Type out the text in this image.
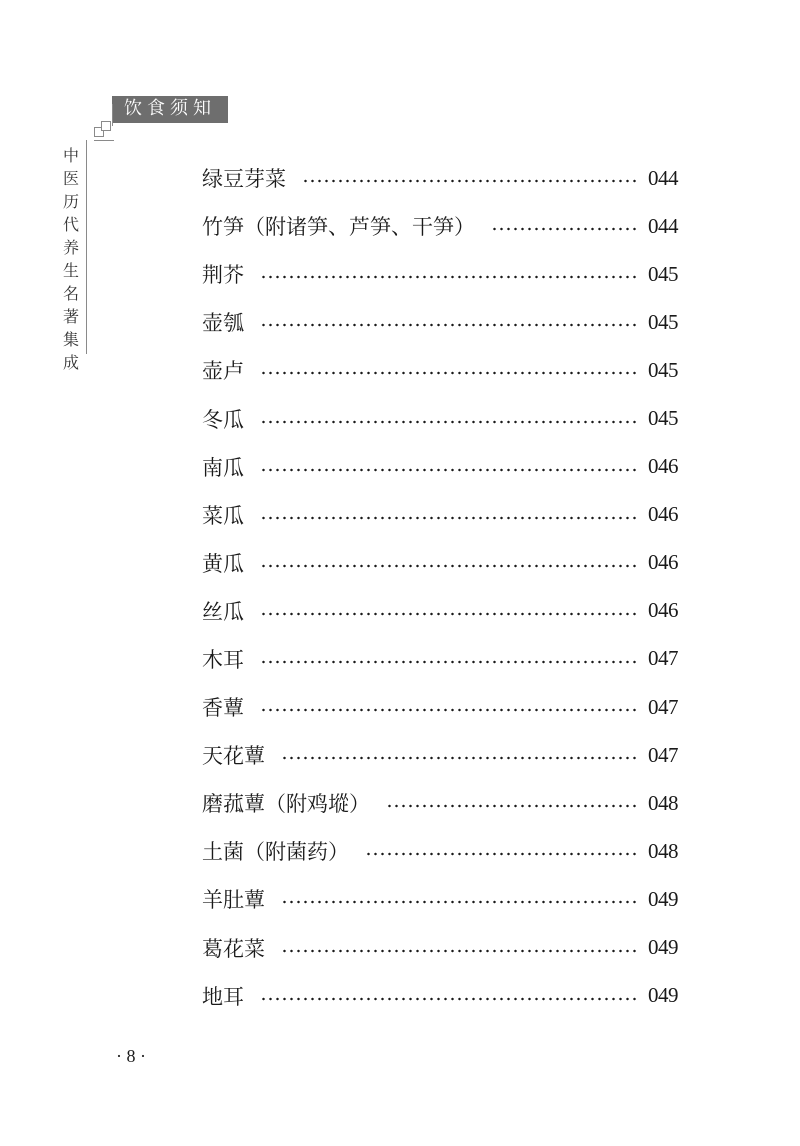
饮食须知
中医历代养生名著集成
绿豆芽菜	044
竹笋（附诸笋、芦笋、干笋）	044
荆芥	045
壶瓠	045
壶卢	045
冬瓜	045
南瓜	046
菜瓜	046
黄瓜	046
丝瓜	046
木耳	047
香蕈	047
天花蕈	047
磨菰蕈（附鸡㙡）	048
土菌（附菌药）	048
羊肚蕈	049
葛花菜	049
地耳	049
· 8 ·
